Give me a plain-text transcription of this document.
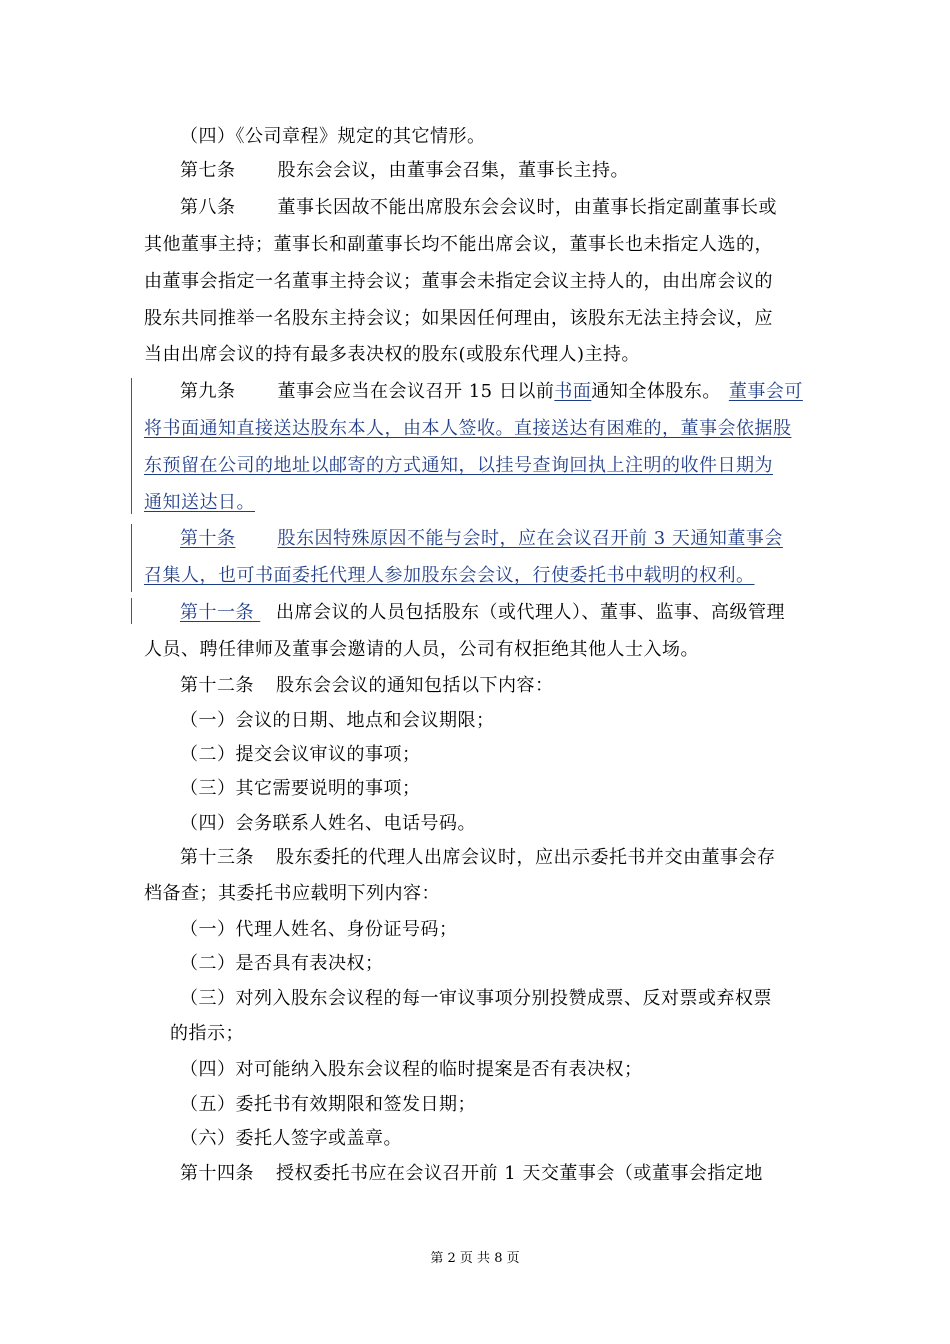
（四）《公司章程》规定的其它情形。
第七条 股东会会议，由董事会召集，董事长主持。
第八条 董事长因故不能出席股东会会议时，由董事长指定副董事长或
其他董事主持；董事长和副董事长均不能出席会议，董事长也未指定人选的，
由董事会指定一名董事主持会议；董事会未指定会议主持人的，由出席会议的
股东共同推举一名股东主持会议；如果因任何理由，该股东无法主持会议，应
当由出席会议的持有最多表决权的股东(或股东代理人)主持。
第九条 董事会应当在会议召开 15 日以前书面通知全体股东。 董事会可
将书面通知直接送达股东本人，由本人签收。直接送达有困难的，董事会依据股
东预留在公司的地址以邮寄的方式通知，以挂号查询回执上注明的收件日期为
通知送达日。
第十条 股东因特殊原因不能与会时，应在会议召开前 3 天通知董事会
召集人，也可书面委托代理人参加股东会会议，行使委托书中载明的权利。
第十一条 出席会议的人员包括股东（或代理人）、董事、监事、高级管理
人员、聘任律师及董事会邀请的人员，公司有权拒绝其他人士入场。
第十二条 股东会会议的通知包括以下内容：
（一）会议的日期、地点和会议期限；
（二）提交会议审议的事项；
（三）其它需要说明的事项；
（四）会务联系人姓名、电话号码。
第十三条 股东委托的代理人出席会议时，应出示委托书并交由董事会存
档备查；其委托书应载明下列内容：
（一）代理人姓名、身份证号码；
（二）是否具有表决权；
（三）对列入股东会议程的每一审议事项分别投赞成票、反对票或弃权票
的指示；
（四）对可能纳入股东会议程的临时提案是否有表决权；
（五）委托书有效期限和签发日期；
（六）委托人签字或盖章。
第十四条 授权委托书应在会议召开前 1 天交董事会（或董事会指定地
第 2 页 共 8 页
